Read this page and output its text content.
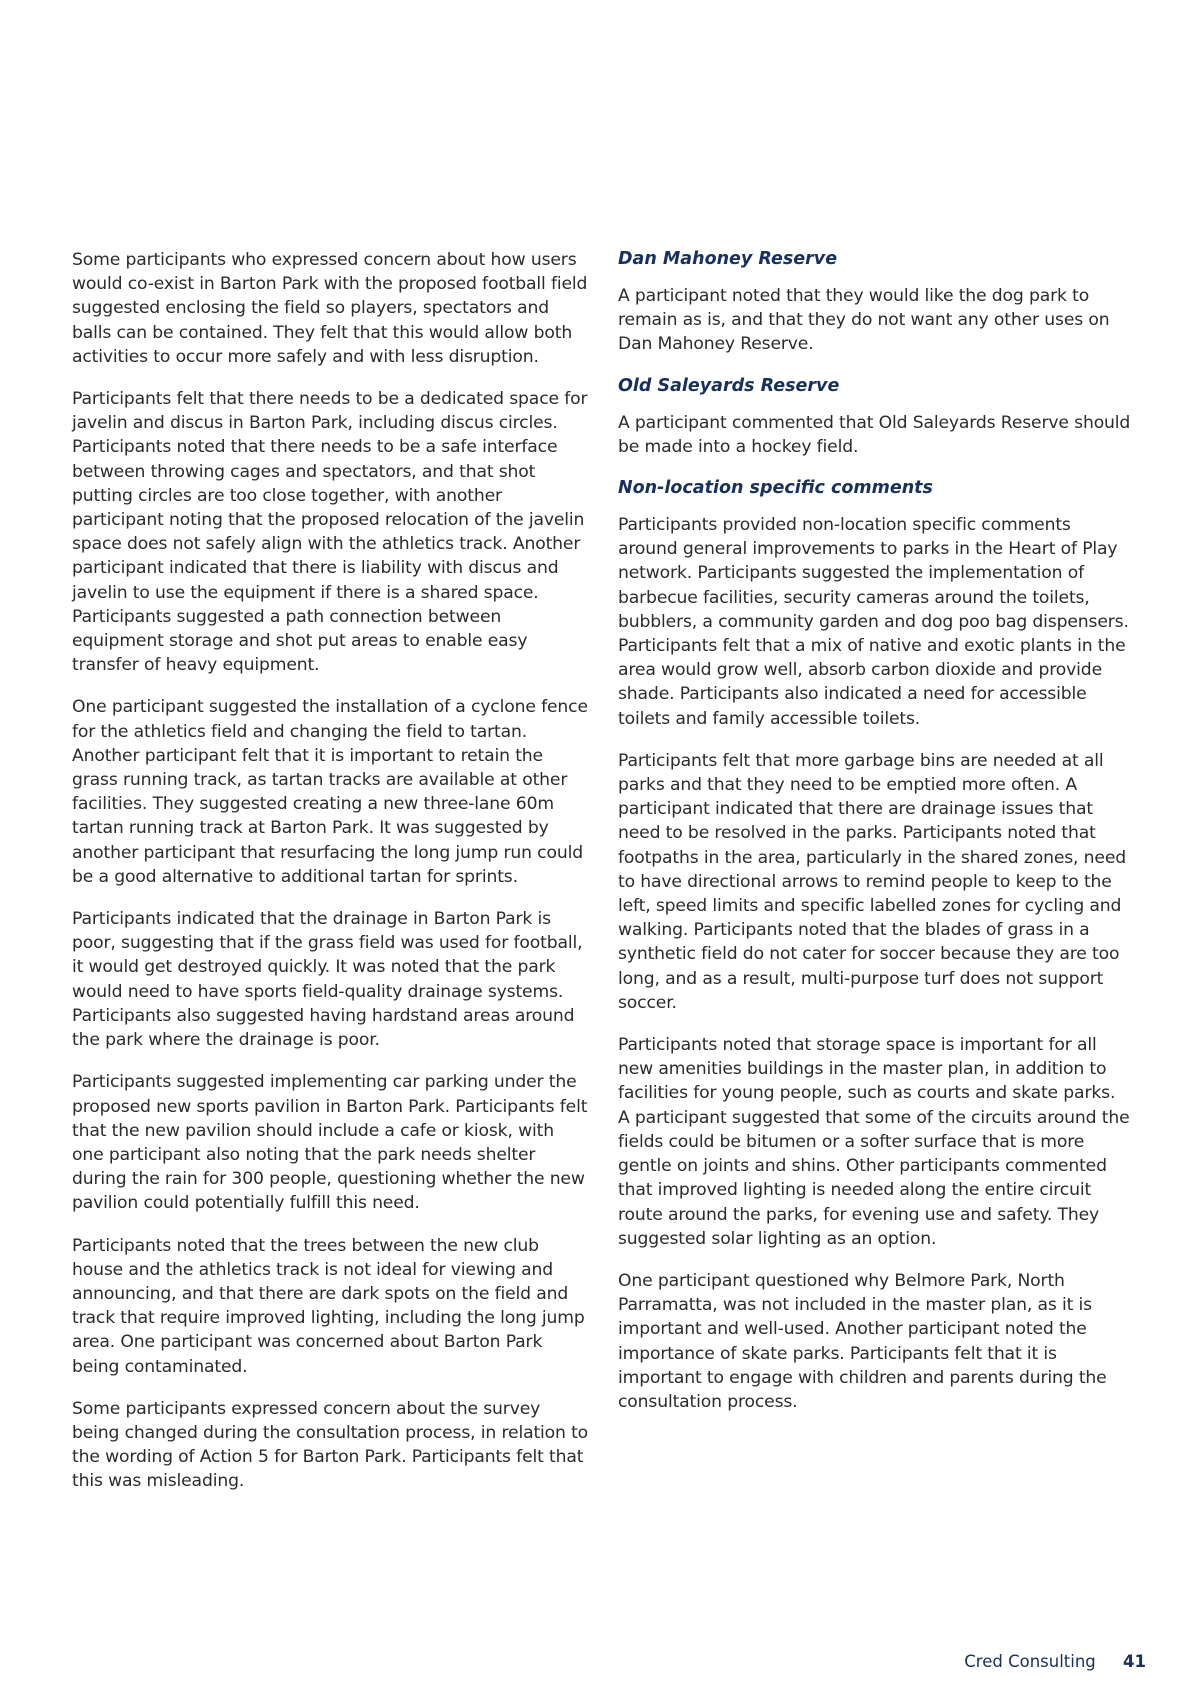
Some participants who expressed concern about how users would co-exist in Barton Park with the proposed football field suggested enclosing the field so players, spectators and balls can be contained. They felt that this would allow both activities to occur more safely and with less disruption.

Participants felt that there needs to be a dedicated space for javelin and discus in Barton Park, including discus circles. Participants noted that there needs to be a safe interface between throwing cages and spectators, and that shot putting circles are too close together, with another participant noting that the proposed relocation of the javelin space does not safely align with the athletics track. Another participant indicated that there is liability with discus and javelin to use the equipment if there is a shared space. Participants suggested a path connection between equipment storage and shot put areas to enable easy transfer of heavy equipment.

One participant suggested the installation of a cyclone fence for the athletics field and changing the field to tartan. Another participant felt that it is important to retain the grass running track, as tartan tracks are available at other facilities. They suggested creating a new three-lane 60m tartan running track at Barton Park. It was suggested by another participant that resurfacing the long jump run could be a good alternative to additional tartan for sprints.

Participants indicated that the drainage in Barton Park is poor, suggesting that if the grass field was used for football, it would get destroyed quickly. It was noted that the park would need to have sports field-quality drainage systems. Participants also suggested having hardstand areas around the park where the drainage is poor.

Participants suggested implementing car parking under the proposed new sports pavilion in Barton Park. Participants felt that the new pavilion should include a cafe or kiosk, with one participant also noting that the park needs shelter during the rain for 300 people, questioning whether the new pavilion could potentially fulfill this need.

Participants noted that the trees between the new club house and the athletics track is not ideal for viewing and announcing, and that there are dark spots on the field and track that require improved lighting, including the long jump area. One participant was concerned about Barton Park being contaminated.

Some participants expressed concern about the survey being changed during the consultation process, in relation to the wording of Action 5 for Barton Park. Participants felt that this was misleading.

Dan Mahoney Reserve

A participant noted that they would like the dog park to remain as is, and that they do not want any other uses on Dan Mahoney Reserve.

Old Saleyards Reserve

A participant commented that Old Saleyards Reserve should be made into a hockey field.

Non-location specific comments

Participants provided non-location specific comments around general improvements to parks in the Heart of Play network. Participants suggested the implementation of barbecue facilities, security cameras around the toilets, bubblers, a community garden and dog poo bag dispensers. Participants felt that a mix of native and exotic plants in the area would grow well, absorb carbon dioxide and provide shade. Participants also indicated a need for accessible toilets and family accessible toilets.

Participants felt that more garbage bins are needed at all parks and that they need to be emptied more often. A participant indicated that there are drainage issues that need to be resolved in the parks. Participants noted that footpaths in the area, particularly in the shared zones, need to have directional arrows to remind people to keep to the left, speed limits and specific labelled zones for cycling and walking. Participants noted that the blades of grass in a synthetic field do not cater for soccer because they are too long, and as a result, multi-purpose turf does not support soccer.

Participants noted that storage space is important for all new amenities buildings in the master plan, in addition to facilities for young people, such as courts and skate parks. A participant suggested that some of the circuits around the fields could be bitumen or a softer surface that is more gentle on joints and shins. Other participants commented that improved lighting is needed along the entire circuit route around the parks, for evening use and safety. They suggested solar lighting as an option.

One participant questioned why Belmore Park, North Parramatta, was not included in the master plan, as it is important and well-used. Another participant noted the importance of skate parks. Participants felt that it is important to engage with children and parents during the consultation process.

Cred Consulting 41
